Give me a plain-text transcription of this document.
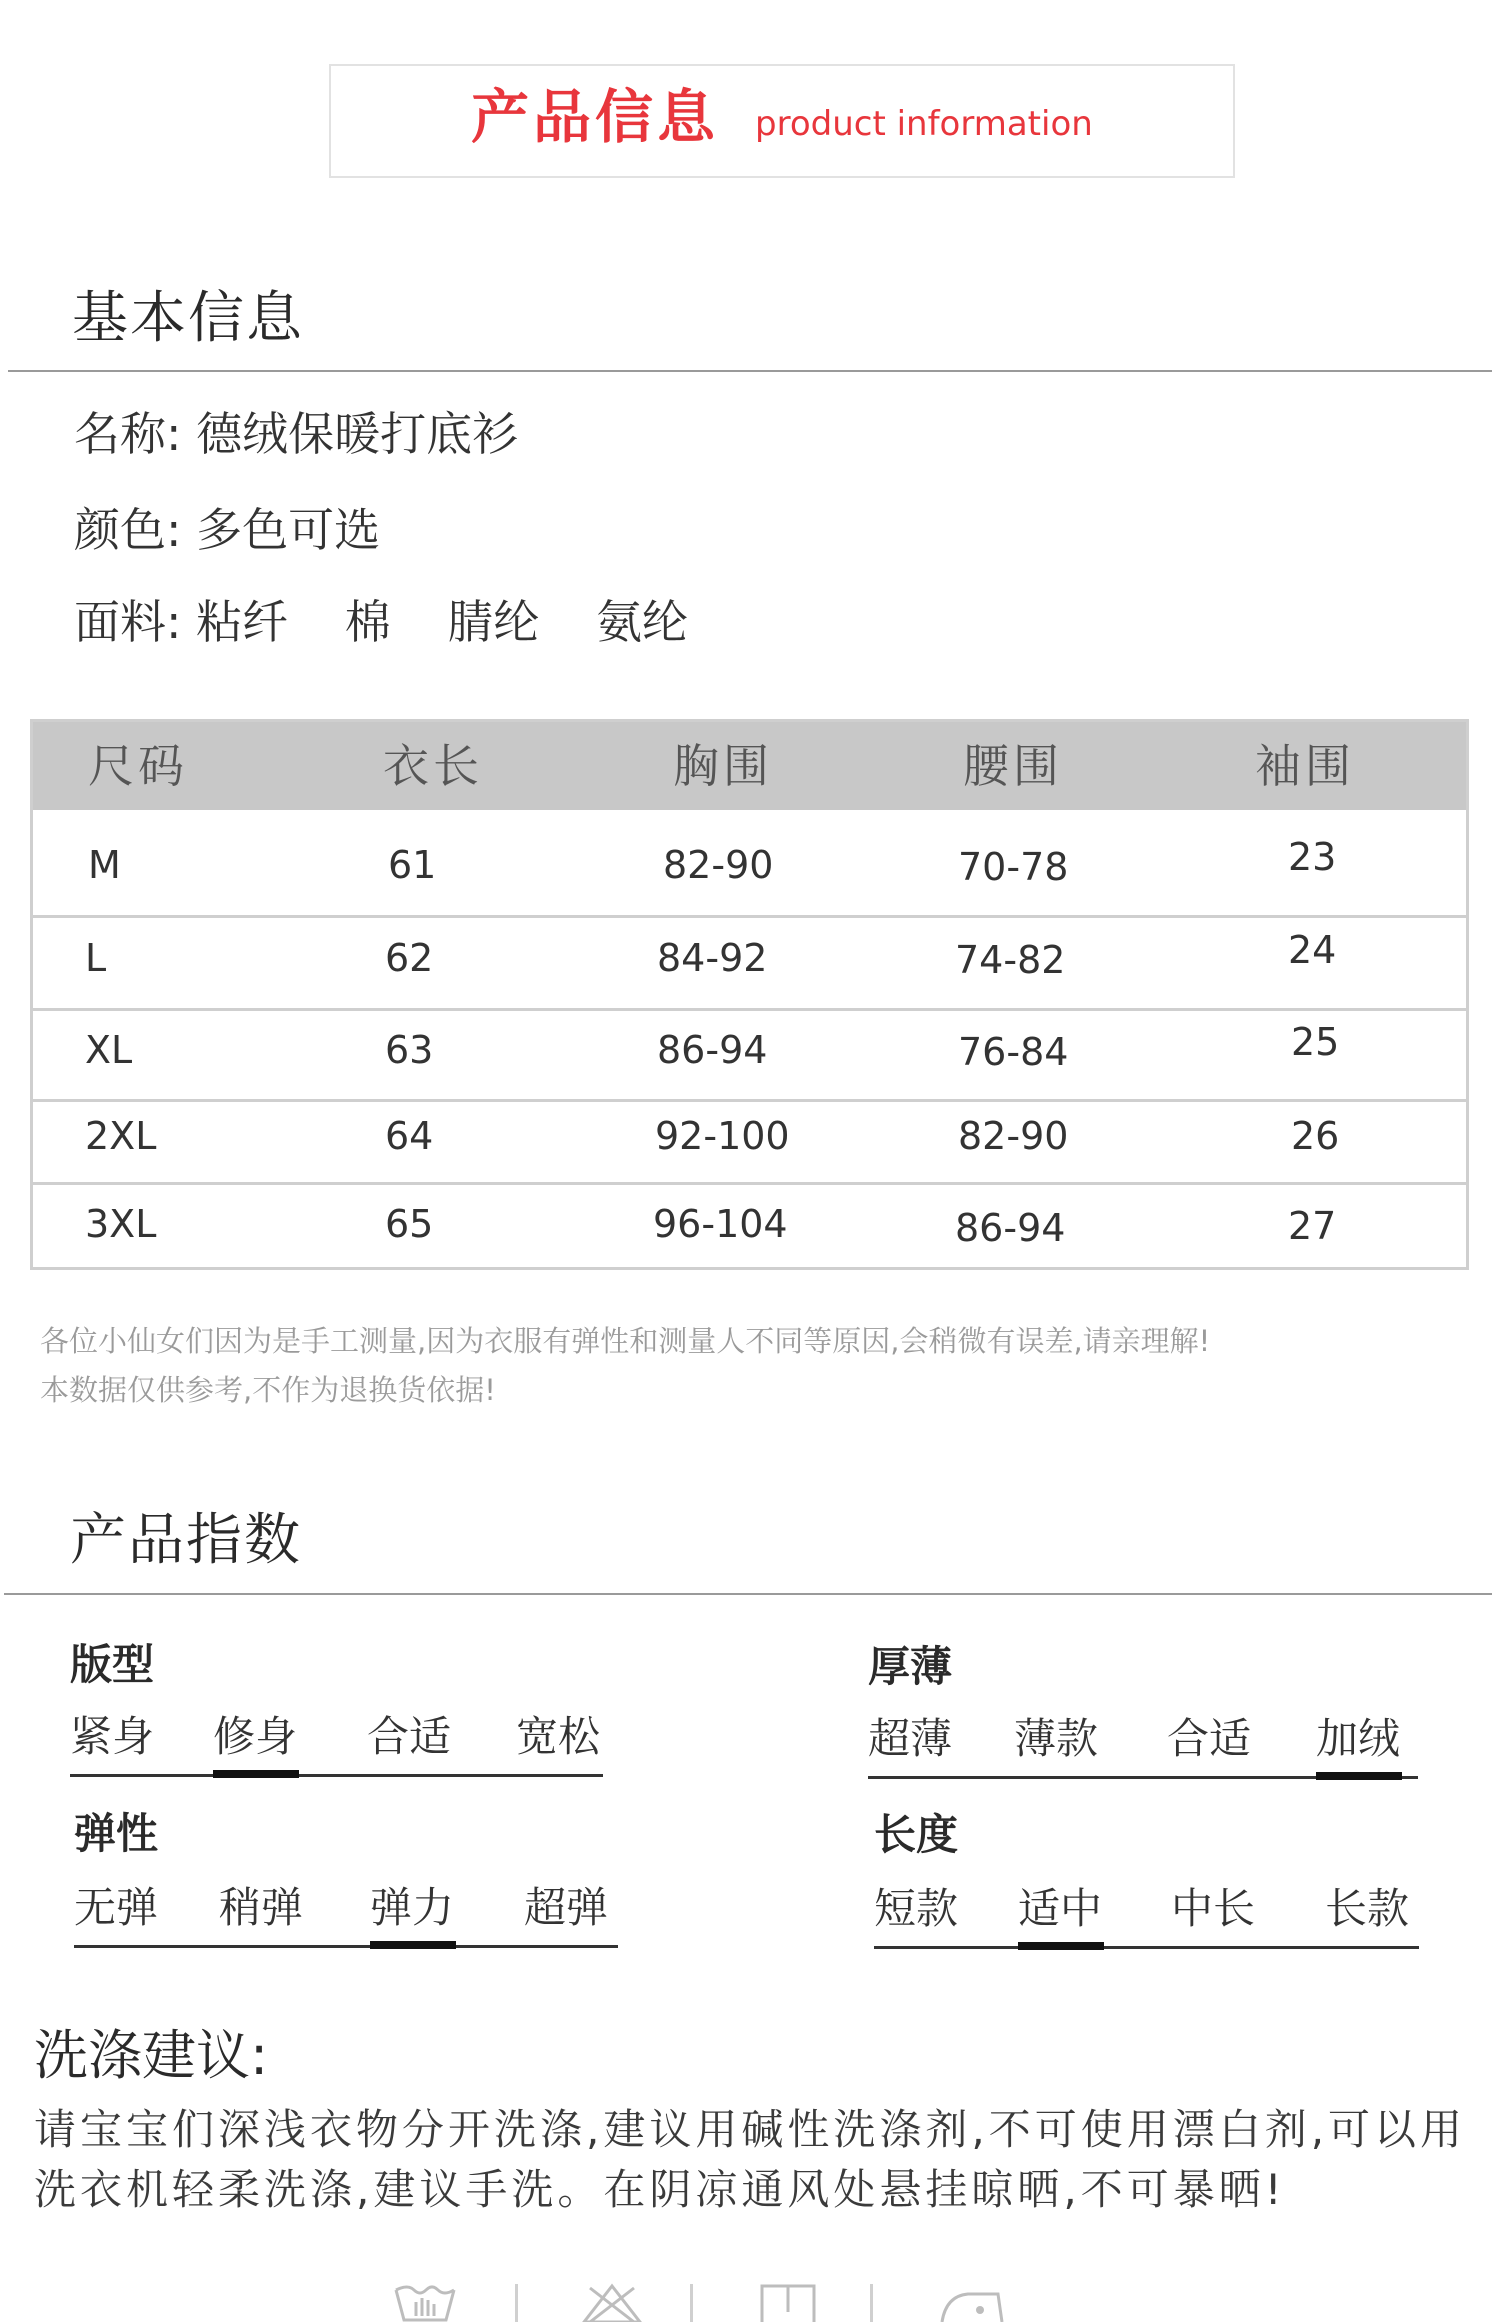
产品信息 product information
基本信息
名称: 德绒保暖打底衫
颜色: 多色可选
面料: 粘纤 棉 腈纶 氨纶
尺码	衣长	胸围	腰围	袖围
M	61	82-90	70-78	23
L	62	84-92	74-82	24
XL	63	86-94	76-84	25
2XL	64	92-100	82-90	26
3XL	65	96-104	86-94	27
各位小仙女们因为是手工测量,因为衣服有弹性和测量人不同等原因,会稍微有误差,请亲理解!
本数据仅供参考,不作为退换货依据!
产品指数
版型
紧身 修身 合适 宽松
厚薄
超薄 薄款 合适 加绒
弹性
无弹 稍弹 弹力 超弹
长度
短款 适中 中长 长款
洗涤建议:
请宝宝们深浅衣物分开洗涤,建议用碱性洗涤剂,不可使用漂白剂,可以用洗衣机轻柔洗涤,建议手洗。在阴凉通风处悬挂晾晒,不可暴晒!
